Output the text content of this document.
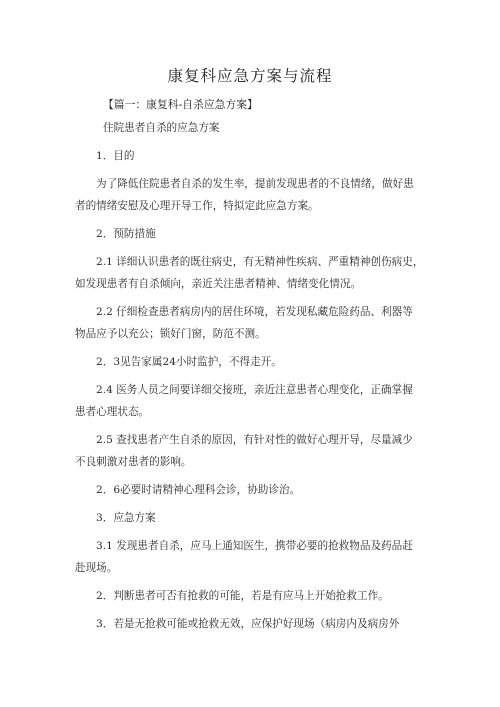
康复科应急方案与流程
【篇一：康复科-自杀应急方案】
住院患者自杀的应急方案
1．目的
为了降低住院患者自杀的发生率，提前发现患者的不良情绪，做好患
者的情绪安慰及心理开导工作，特拟定此应急方案。
2．预防措施
2.1 详细认识患者的既往病史，有无精神性疾病、严重精神创伤病史，
如发现患者有自杀倾向，亲近关注患者精神、情绪变化情况。
2.2 仔细检查患者病房内的居住环境，若发现私藏危险药品、利器等
物品应予以充公；锁好门窗，防范不测。
2．3见告家属24小时监护，不得走开。
2.4 医务人员之间要详细交接班，亲近注意患者心理变化，正确掌握
患者心理状态。
2.5 查找患者产生自杀的原因，有针对性的做好心理开导，尽量减少
不良刺激对患者的影响。
2．6必要时请精神心理科会诊，协助诊治。
3．应急方案
3.1 发现患者自杀，应马上通知医生，携带必要的抢救物品及药品赶
赴现场。
2．判断患者可否有抢救的可能，若是有应马上开始抢救工作。
3．若是无抢救可能或抢救无效，应保护好现场（病房内及病房外
